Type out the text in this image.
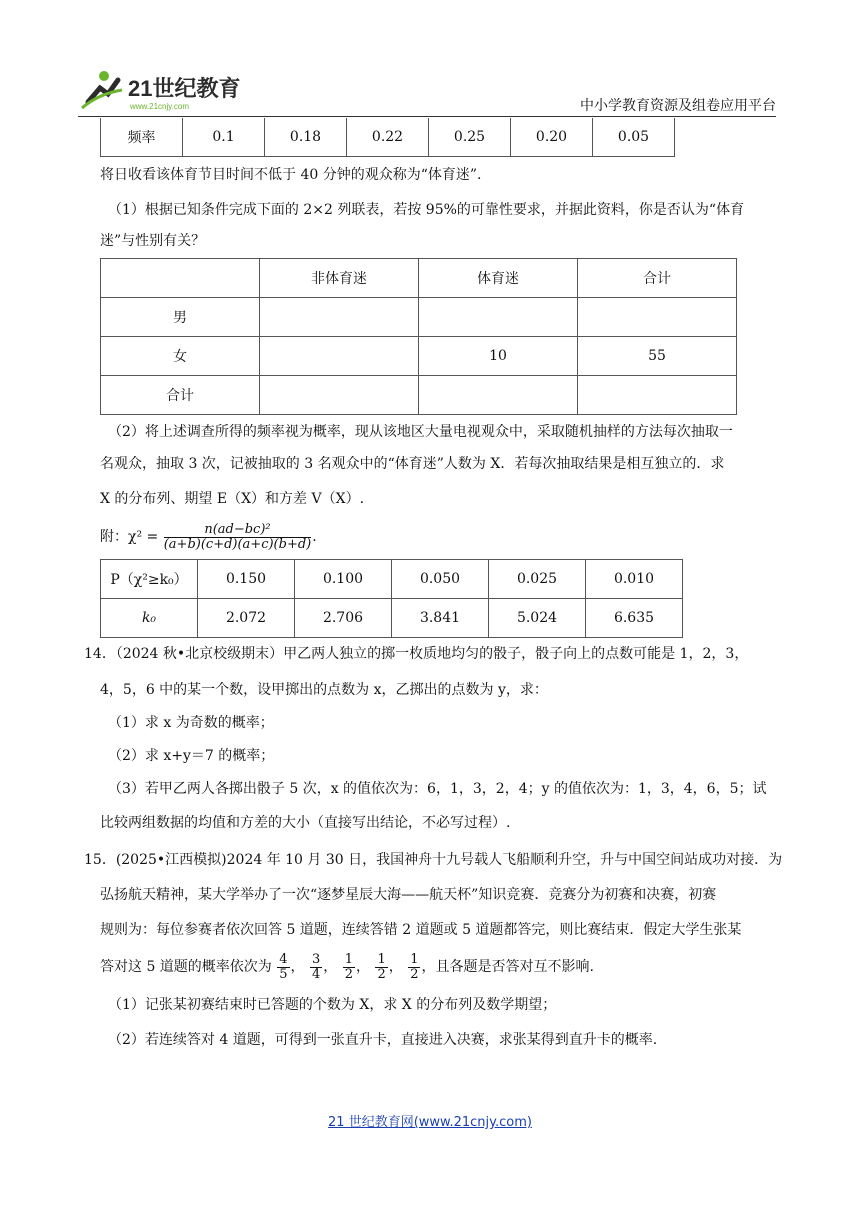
21世纪教育
www.21cnjy.com	中小学教育资源及组卷应用平台
频率	0.1	0.18	0.22	0.25	0.20	0.05
将日收看该体育节目时间不低于 40 分钟的观众称为“体育迷”.
（1）根据已知条件完成下面的 2×2 列联表，若按 95%的可靠性要求，并据此资料，你是否认为“体育
迷”与性别有关？
	非体育迷	体育迷	合计
男			
女		10	55
合计			
（2）将上述调查所得的频率视为概率，现从该地区大量电视观众中，采取随机抽样的方法每次抽取一
名观众，抽取 3 次，记被抽取的 3 名观众中的“体育迷”人数为 X．若每次抽取结果是相互独立的．求
X 的分布列、期望 E（X）和方差 V（X）.
附：$\chi^2 = \frac{\text{n(ad−bc)²}}{(a+b)(c+d)(a+c)(b+d)}$ .
P（χ²≥k₀）	0.150	0.100	0.050	0.025	0.010
k₀	2.072	2.706	3.841	5.024	6.635
14．（2024 秋•北京校级期末）甲乙两人独立的掷一枚质地均匀的骰子，骰子向上的点数可能是 1，2，3，
4，5，6 中的某一个数，设甲掷出的点数为 x，乙掷出的点数为 y，求：
（1）求 x 为奇数的概率；
（2）求 x+y＝7 的概率；
（3）若甲乙两人各掷出骰子 5 次，x 的值依次为：6，1，3，2，4；y 的值依次为：1，3，4，6，5；试
比较两组数据的均值和方差的大小（直接写出结论，不必写过程）.
15．(2025•江西模拟)2024 年 10 月 30 日，我国神舟十九号载人飞船顺利升空，升与中国空间站成功对接．为
弘扬航天精神，某大学举办了一次“逐梦星辰大海——航天杯”知识竞赛．竞赛分为初赛和决赛，初赛
规则为：每位参赛者依次回答 5 道题，连续答错 2 道题或 5 道题都答完，则比赛结束．假定大学生张某
答对这 5 道题的概率依次为 $\frac{4}{5}$ ， $\frac{3}{4}$ ， $\frac{1}{2}$ ， $\frac{1}{2}$ ， $\frac{1}{2}$ ，且各题是否答对互不影响.
（1）记张某初赛结束时已答题的个数为 X，求 X 的分布列及数学期望；
（2）若连续答对 4 道题，可得到一张直升卡，直接进入决赛，求张某得到直升卡的概率.
21 世纪教育网(www.21cnjy.com)
